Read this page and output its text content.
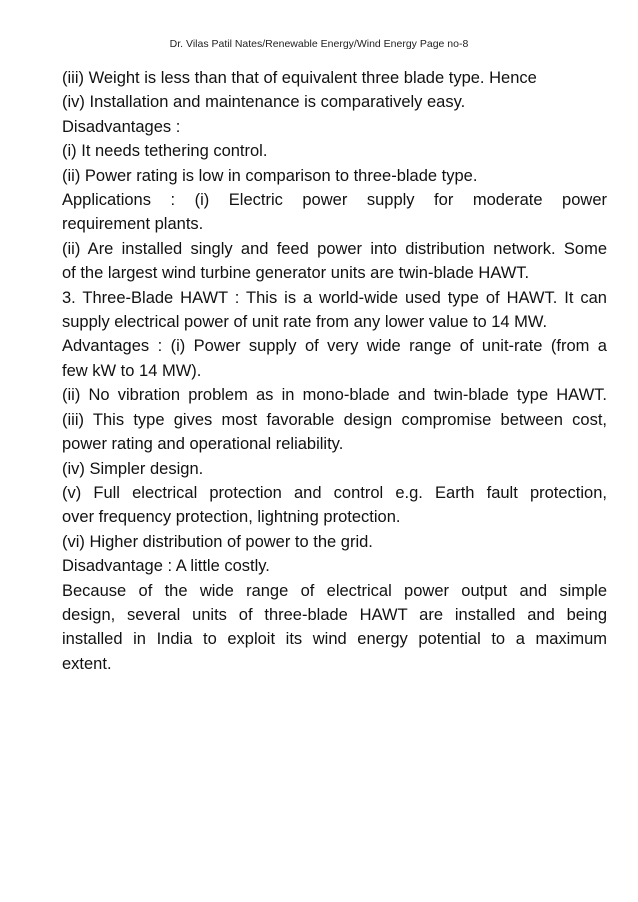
Dr. Vilas Patil Nates/Renewable Energy/Wind Energy Page no-8
(iii) Weight is less than that of equivalent three blade type. Hence
(iv) Installation and maintenance is comparatively easy.
Disadvantages :
(i) It needs tethering control.
(ii) Power rating is low in comparison to three-blade type.
Applications : (i) Electric power supply for moderate power
requirement plants.
(ii) Are installed singly and feed power into distribution network. Some
of the largest wind turbine generator units are twin-blade HAWT.
3. Three-Blade HAWT : This is a world-wide used type of HAWT. It can
supply electrical power of unit rate from any lower value to 14 MW.
Advantages : (i) Power supply of very wide range of unit-rate (from a
few kW to 14 MW).
(ii) No vibration problem as in mono-blade and twin-blade type HAWT.
(iii) This type gives most favorable design compromise between cost,
power rating and operational reliability.
(iv) Simpler design.
(v) Full electrical protection and control e.g. Earth fault protection,
over frequency protection, lightning protection.
(vi) Higher distribution of power to the grid.
Disadvantage : A little costly.
Because of the wide range of electrical power output and simple
design, several units of three-blade HAWT are installed and being
installed in India to exploit its wind energy potential to a maximum
extent.
